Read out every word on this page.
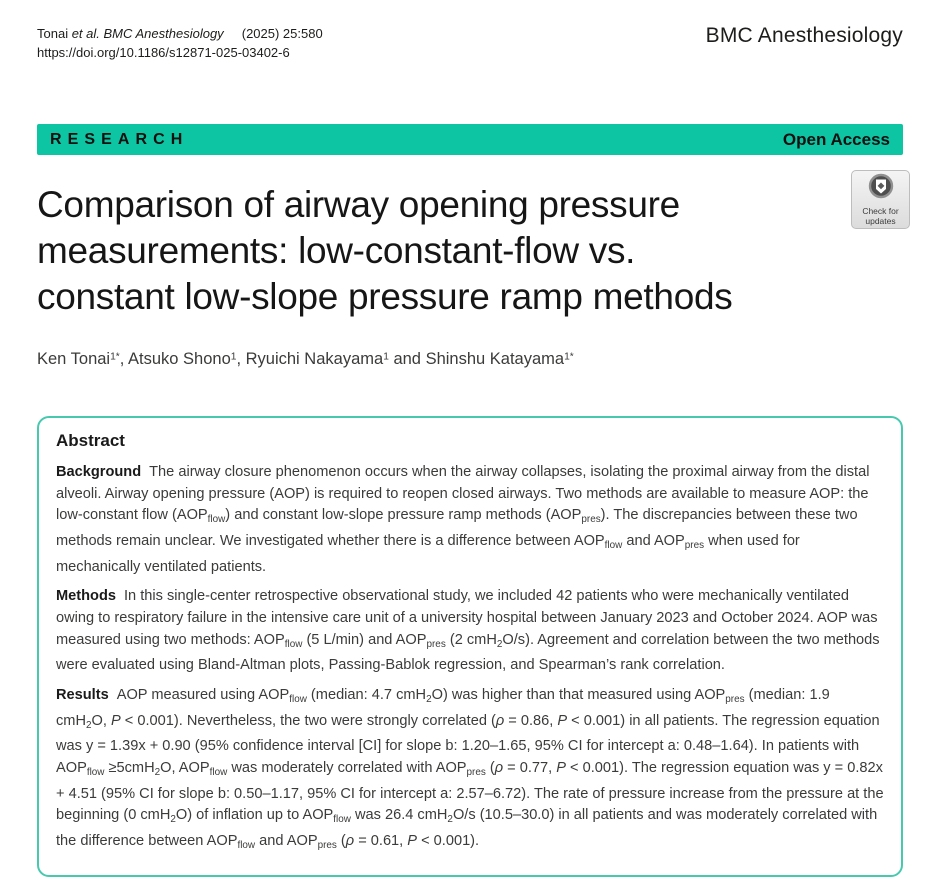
Tonai et al. BMC Anesthesiology     (2025) 25:580
https://doi.org/10.1186/s12871-025-03402-6
BMC Anesthesiology
RESEARCH	Open Access
Comparison of airway opening pressure
measurements: low-constant-flow vs.
constant low-slope pressure ramp methods
Check for
updates
Ken Tonai$^{1*}$, Atsuko Shono$^1$, Ryuichi Nakayama$^1$ and Shinshu Katayama$^{1*}$
Abstract

Background The airway closure phenomenon occurs when the airway collapses, isolating the proximal airway from the distal alveoli. Airway opening pressure (AOP) is required to reopen closed airways. Two methods are available to measure AOP: the low-constant flow $(AOP_{flow})$ and constant low-slope pressure ramp methods $(AOP_{pres})$. The discrepancies between these two methods remain unclear. We investigated whether there is a difference between $AOP_{flow}$ and $AOP_{pres}$ when used for mechanically ventilated patients.

Methods In this single-center retrospective observational study, we included 42 patients who were mechanically ventilated owing to respiratory failure in the intensive care unit of a university hospital between January 2023 and October 2024. AOP was measured using two methods: $AOP_{flow}$ (5 L/min) and $AOP_{pres}$ (2 cmH$_2$O/s). Agreement and correlation between the two methods were evaluated using Bland-Altman plots, Passing-Bablok regression, and Spearman’s rank correlation.

Results AOP measured using $AOP_{flow}$ (median: 4.7 cmH$_2$O) was higher than that measured using $AOP_{pres}$ (median: 1.9 cmH$_2$O, P < 0.001). Nevertheless, the two were strongly correlated (ρ = 0.86, P < 0.001) in all patients. The regression equation was y = 1.39x + 0.90 (95% confidence interval [CI] for slope b: 1.20–1.65, 95% CI for intercept a: 0.48–1.64). In patients with $AOP_{flow} \ge 5cmH_2O$, $AOP_{flow}$ was moderately correlated with $AOP_{pres}$ (ρ = 0.77, P < 0.001). The regression equation was y = 0.82x + 4.51 (95% CI for slope b: 0.50–1.17, 95% CI for intercept a: 2.57–6.72). The rate of pressure increase from the pressure at the beginning (0 cmH$_2$O) of inflation up to $AOP_{flow}$ was 26.4 cmH$_2$O/s (10.5–30.0) in all patients and was moderately correlated with the difference between $AOP_{flow}$ and $AOP_{pres}$ (ρ = 0.61, P < 0.001).
